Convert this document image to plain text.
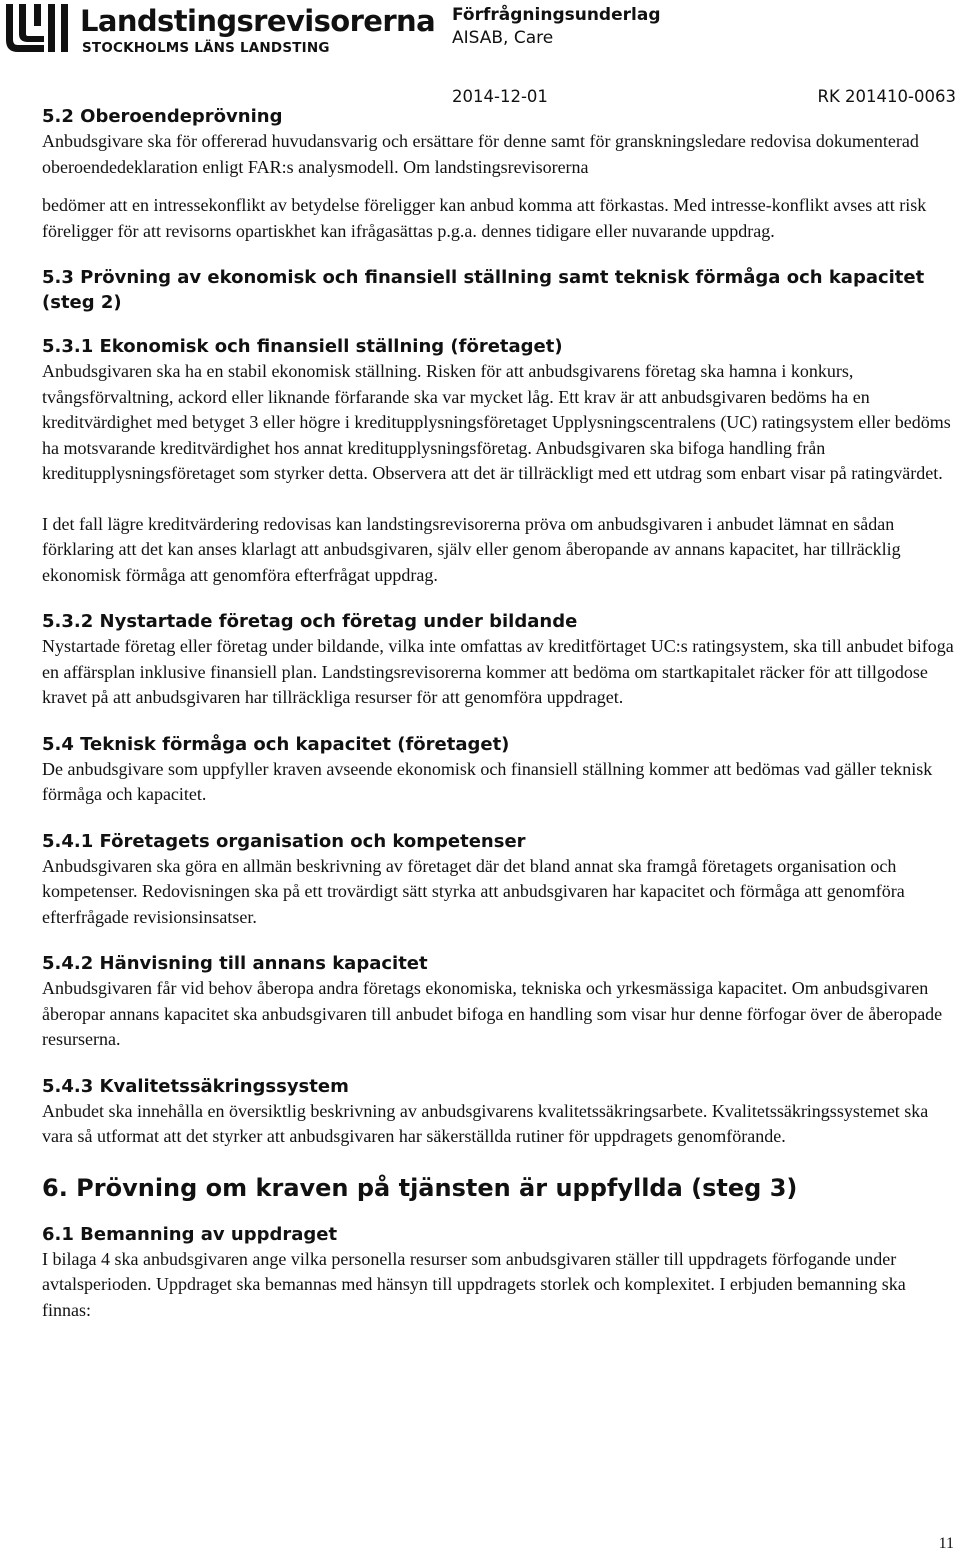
Landstingsrevisorerna
STOCKHOLMS LÄNS LANDSTING
Förfrågningsunderlag
AISAB, Care
2014-12-01	RK 201410-0063
5.2 Oberoendeprövning

Anbudsgivare ska för offererad huvudansvarig och ersättare för denne samt för granskningsledare redovisa dokumenterad oberoendedeklaration enligt FAR:s analysmodell. Om landstingsrevisorerna

bedömer att en intressekonflikt av betydelse föreligger kan anbud komma att förkastas. Med intresse-konflikt avses att risk föreligger för att revisorns opartiskhet kan ifrågasättas p.g.a. dennes tidigare eller nuvarande uppdrag.

5.3 Prövning av ekonomisk och finansiell ställning samt teknisk förmåga och kapacitet (steg 2)
5.3.1 Ekonomisk och finansiell ställning (företaget)

Anbudsgivaren ska ha en stabil ekonomisk ställning. Risken för att anbudsgivarens företag ska hamna i konkurs, tvångsförvaltning, ackord eller liknande förfarande ska var mycket låg. Ett krav är att anbudsgivaren bedöms ha en kreditvärdighet med betyget 3 eller högre i kreditupplysningsföretaget Upplysningscentralens (UC) ratingsystem eller bedöms ha motsvarande kreditvärdighet hos annat kreditupplysningsföretag. Anbudsgivaren ska bifoga handling från kreditupplysningsföretaget som styrker detta. Observera att det är tillräckligt med ett utdrag som enbart visar på ratingvärdet.

I det fall lägre kreditvärdering redovisas kan landstingsrevisorerna pröva om anbudsgivaren i anbudet lämnat en sådan förklaring att det kan anses klarlagt att anbudsgivaren, själv eller genom åberopande av annans kapacitet, har tillräcklig ekonomisk förmåga att genomföra efterfrågat uppdrag.

5.3.2 Nystartade företag och företag under bildande

Nystartade företag eller företag under bildande, vilka inte omfattas av kreditförtaget UC:s ratingsystem, ska till anbudet bifoga en affärsplan inklusive finansiell plan. Landstingsrevisorerna kommer att bedöma om startkapitalet räcker för att tillgodose kravet på att anbudsgivaren har tillräckliga resurser för att genomföra uppdraget.

5.4 Teknisk förmåga och kapacitet (företaget)

De anbudsgivare som uppfyller kraven avseende ekonomisk och finansiell ställning kommer att bedömas vad gäller teknisk förmåga och kapacitet.

5.4.1 Företagets organisation och kompetenser

Anbudsgivaren ska göra en allmän beskrivning av företaget där det bland annat ska framgå företagets organisation och kompetenser. Redovisningen ska på ett trovärdigt sätt styrka att anbudsgivaren har kapacitet och förmåga att genomföra efterfrågade revisionsinsatser.

5.4.2 Hänvisning till annans kapacitet

Anbudsgivaren får vid behov åberopa andra företags ekonomiska, tekniska och yrkesmässiga kapacitet. Om anbudsgivaren åberopar annans kapacitet ska anbudsgivaren till anbudet bifoga en handling som visar hur denne förfogar över de åberopade resurserna.

5.4.3 Kvalitetssäkringssystem

Anbudet ska innehålla en översiktlig beskrivning av anbudsgivarens kvalitetssäkringsarbete. Kvalitetssäkringssystemet ska vara så utformat att det styrker att anbudsgivaren har säkerställda rutiner för uppdragets genomförande.

6. Prövning om kraven på tjänsten är uppfyllda (steg 3)
6.1 Bemanning av uppdraget

I bilaga 4 ska anbudsgivaren ange vilka personella resurser som anbudsgivaren ställer till uppdragets förfogande under avtalsperioden. Uppdraget ska bemannas med hänsyn till uppdragets storlek och komplexitet. I erbjuden bemanning ska finnas:

11
